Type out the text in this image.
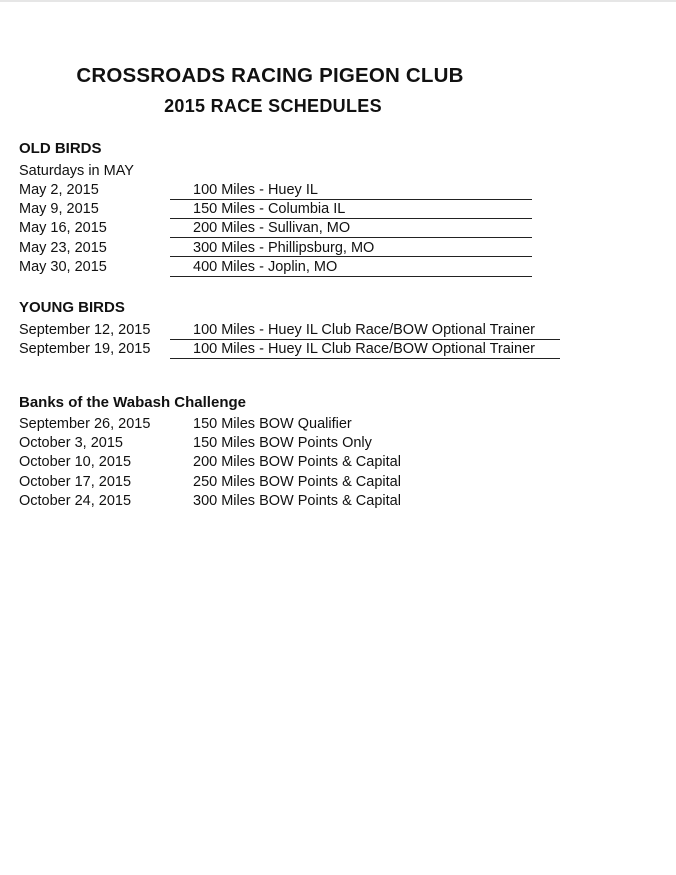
CROSSROADS RACING PIGEON CLUB
2015 RACE SCHEDULES
OLD BIRDS

Saturdays in MAY

May 2, 2015	100 Miles - Huey IL
May 9, 2015	150 Miles - Columbia IL
May 16, 2015	200 Miles - Sullivan, MO
May 23, 2015	300 Miles - Phillipsburg, MO
May 30, 2015	400 Miles - Joplin, MO
YOUNG BIRDS
September 12, 2015	100 Miles - Huey IL Club Race/BOW Optional Trainer
September 19, 2015	100 Miles - Huey IL Club Race/BOW Optional Trainer
Banks of the Wabash Challenge
September 26, 2015	150 Miles BOW Qualifier
October 3, 2015	150 Miles BOW Points Only
October 10, 2015	200 Miles BOW Points & Capital
October 17, 2015	250 Miles BOW Points & Capital
October 24, 2015	300 Miles BOW Points & Capital
